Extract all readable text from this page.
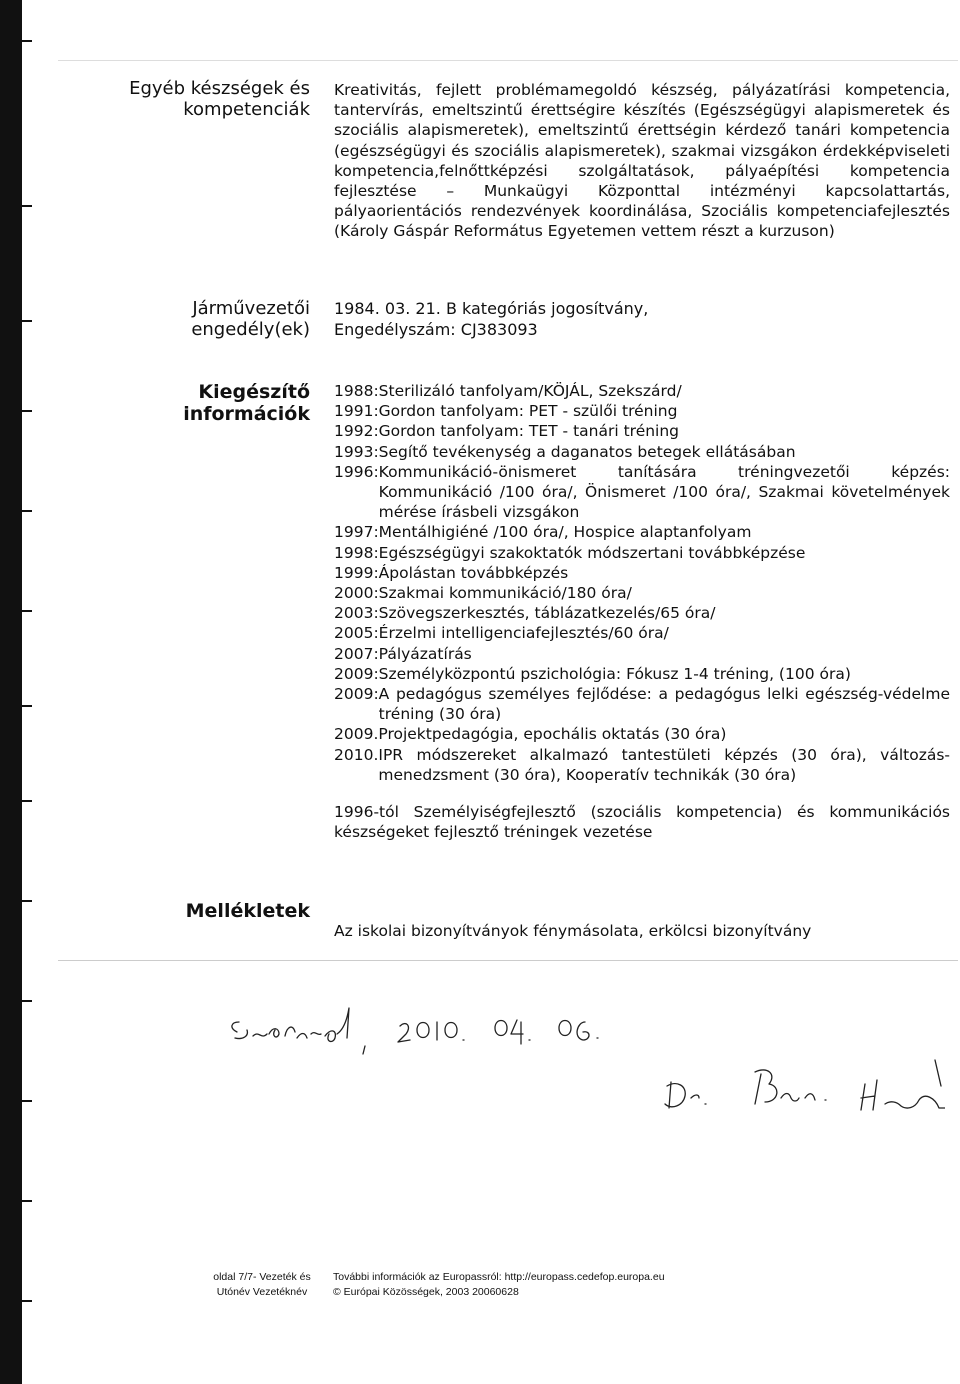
Egyéb készségek és
kompetenciák
Kreativitás, fejlett problémamegoldó készség, pályázatírási kompetencia, tantervírás, emeltszintű érettségire készítés (Egészségügyi alapismeretek és szociális alapismeretek), emeltszintű érettségin kérdező tanári kompetencia (egészségügyi és szociális alapismeretek), szakmai vizsgákon érdekképviseleti kompetencia,felnőttképzési szolgáltatások, pályaépítési kompetencia fejlesztése – Munkaügyi Központtal intézményi kapcsolattartás, pályaorientációs rendezvények koordinálása, Szociális kompetenciafejlesztés (Károly Gáspár Református Egyetemen vettem részt a kurzuson)
Járművezetői
engedély(ek)
1984. 03. 21. B kategóriás jogosítvány,
Engedélyszám: CJ383093
Kiegészítő
információk
1988: Sterilizáló tanfolyam/KÖJÁL, Szekszárd/
1991: Gordon tanfolyam: PET - szülői tréning
1992: Gordon tanfolyam: TET - tanári tréning
1993: Segítő tevékenység a daganatos betegek ellátásában
1996: Kommunikáció-önismeret tanítására tréningvezetői képzés: Kommunikáció /100 óra/, Önismeret /100 óra/, Szakmai követelmények mérése írásbeli vizsgákon
1997: Mentálhigiéné /100 óra/, Hospice alaptanfolyam
1998: Egészségügyi szakoktatók módszertani továbbképzése
1999: Ápolástan továbbképzés
2000: Szakmai kommunikáció/180 óra/
2003: Szövegszerkesztés, táblázatkezelés/65 óra/
2005: Érzelmi intelligenciafejlesztés/60 óra/
2007: Pályázatírás
2009: Személyközpontú pszichológia: Fókusz 1-4 tréning, (100 óra)
2009: A pedagógus személyes fejlődése: a pedagógus lelki egészség-védelme tréning (30 óra)
2009. Projektpedagógia, epochális oktatás (30 óra)
2010. IPR módszereket alkalmazó tantestületi képzés (30 óra), változás-menedzsment (30 óra), Kooperatív technikák (30 óra)
1996-tól Személyiségfejlesztő (szociális kompetencia) és kommunikációs készségeket fejlesztő tréningek vezetése
Mellékletek
Az iskolai bizonyítványok fénymásolata, erkölcsi bizonyítvány
oldal 7/7- Vezeték és
Utónév Vezetéknév
További információk az Europassról: http://europass.cedefop.europa.eu
© Európai Közösségek, 2003 20060628
